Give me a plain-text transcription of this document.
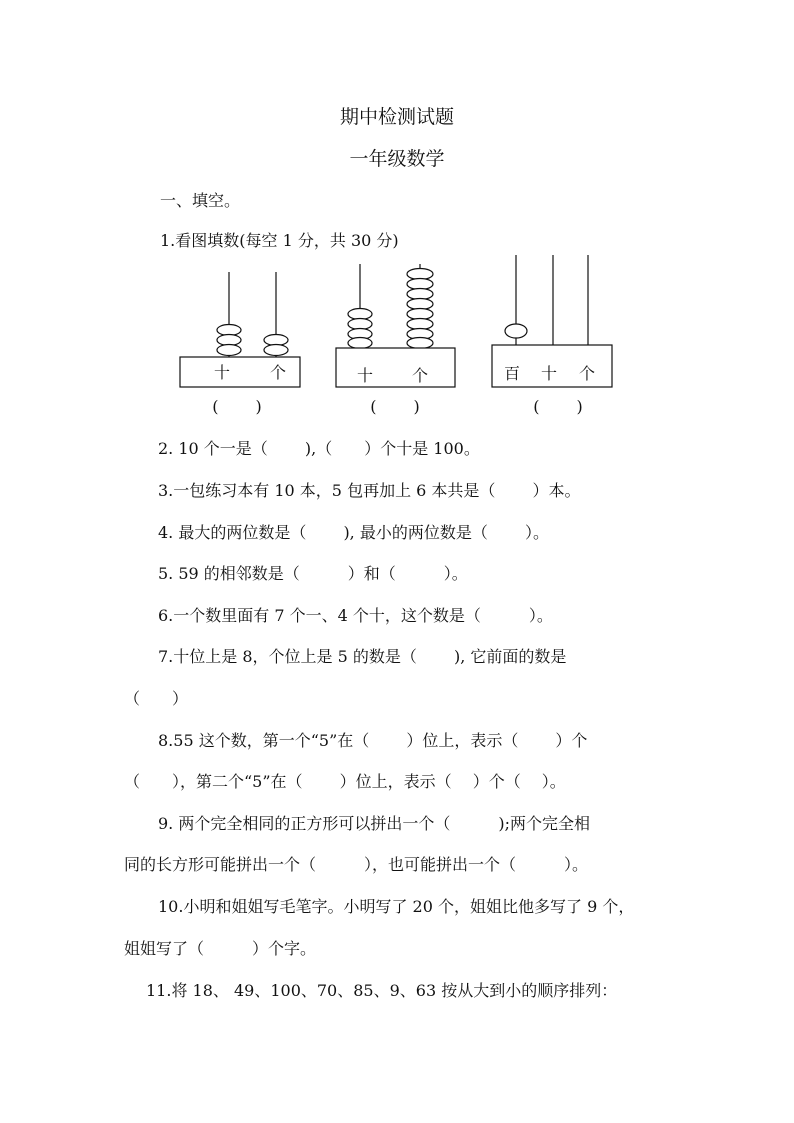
期中检测试题
一年级数学
一、填空。
1.看图填数(每空 1 分，共 30 分)
十 个
(　　 )
十 个
(　　 )
百 十 个
(　　 )
2. 10 个一是（　　 ),（　　）个十是 100。
3.一包练习本有 10 本，5 包再加上 6 本共是（　　 ）本。
4. 最大的两位数是（　　 ), 最小的两位数是（　　 ）。
5. 59 的相邻数是（　　　）和（　　　）。
6.一个数里面有 7 个一、4 个十，这个数是（　　　）。
7.十位上是 8，个位上是 5 的数是（　　 ), 它前面的数是
（　　）
8.55 这个数，第一个“5”在（　　 ）位上，表示（　　 ）个
（　　），第二个“5”在（　　 ）位上，表示（　 ）个（　 ）。
9. 两个完全相同的正方形可以拼出一个（　　　);两个完全相
同的长方形可能拼出一个（　　　），也可能拼出一个（　　　）。
10.小明和姐姐写毛笔字。小明写了 20 个，姐姐比他多写了 9 个，
姐姐写了（　　　）个字。
11.将 18、 49、100、70、85、9、63 按从大到小的顺序排列：
